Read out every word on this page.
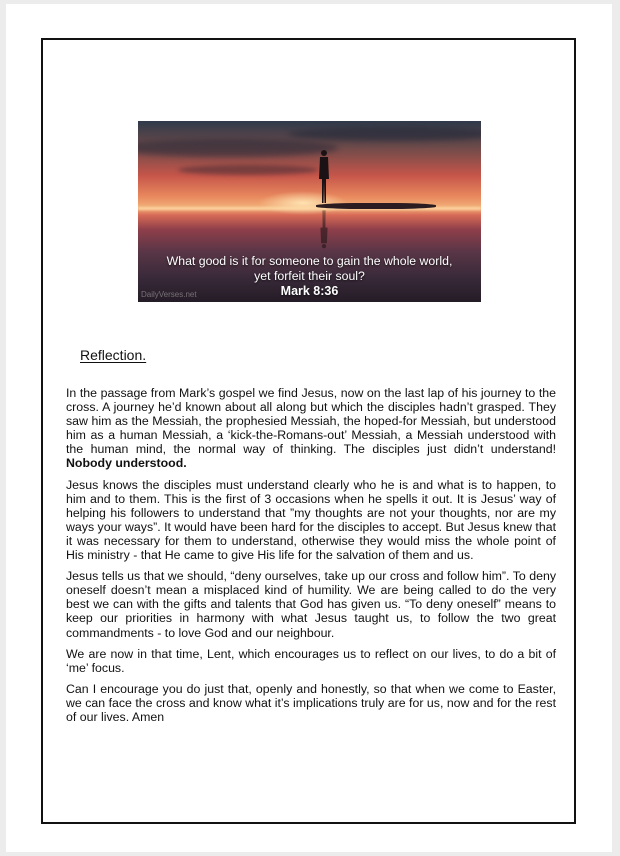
What good is it for someone to gain the whole world,
yet forfeit their soul?
Mark 8:36
DailyVerses.net
Reflection.

In the passage from Mark’s gospel we find Jesus, now on the last lap of his journey to the cross. A journey he’d known about all along but which the disciples hadn’t grasped. They saw him as the Messiah, the prophesied Messiah, the hoped-for Messiah, but understood him as a human Messiah, a ‘kick-the-Romans-out’ Messiah, a Messiah understood with the human mind, the normal way of thinking. The disciples just didn’t understand! Nobody understood.

Jesus knows the disciples must understand clearly who he is and what is to happen, to him and to them. This is the first of 3 occasions when he spells it out. It is Jesus’ way of helping his followers to understand that ”my thoughts are not your thoughts, nor are my ways your ways”. It would have been hard for the disciples to accept. But Jesus knew that it was necessary for them to understand, otherwise they would miss the whole point of His ministry - that He came to give His life for the salvation of them and us.

Jesus tells us that we should, “deny ourselves, take up our cross and follow him”. To deny oneself doesn’t mean a misplaced kind of humility. We are being called to do the very best we can with the gifts and talents that God has given us. “To deny oneself” means to keep our priorities in harmony with what Jesus taught us, to follow the two great commandments - to love God and our neighbour.

We are now in that time, Lent, which encourages us to reflect on our lives, to do a bit of ‘me’ focus.

Can I encourage you do just that, openly and honestly, so that when we come to Easter, we can face the cross and know what it’s implications truly are for us, now and for the rest of our lives. Amen
